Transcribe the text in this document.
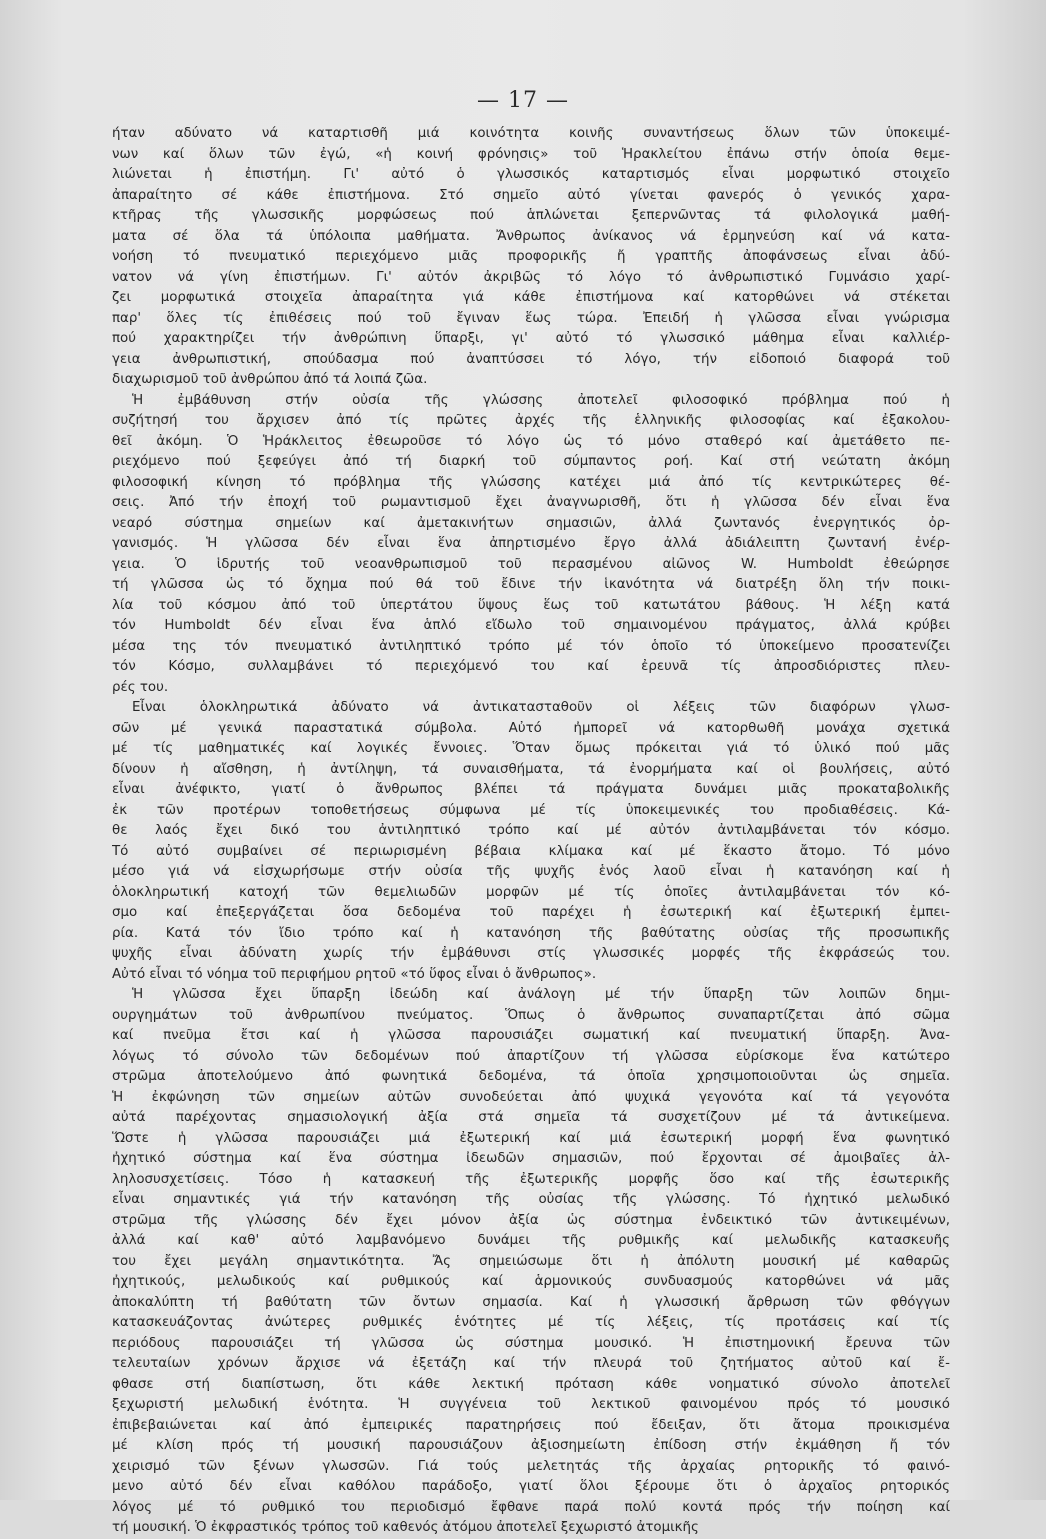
— 17 —
ήταν αδύνατο νά καταρτισθῆ μιά κοινότητα κοινῆς συναντήσεως ὅλων τῶν ὑποκειμέ-
νων καί ὅλων τῶν ἐγώ, «ἡ κοινή φρόνησις» τοῦ Ἡρακλείτου ἐπάνω στήν ὁποία θεμε-
λιώνεται ἡ ἐπιστήμη. Γι' αὐτό ὁ γλωσσικός καταρτισμός εἶναι μορφωτικό στοιχεῖο
ἀπαραίτητο σέ κάθε ἐπιστήμονα. Στό σημεῖο αὐτό γίνεται φανερός ὁ γενικός χαρα-
κτῆρας τῆς γλωσσικῆς μορφώσεως πού ἁπλώνεται ξεπερνῶντας τά φιλολογικά μαθή-
ματα σέ ὅλα τά ὑπόλοιπα μαθήματα. Ἄνθρωπος ἀνίκανος νά ἑρμηνεύση καί νά κατα-
νοήση τό πνευματικό περιεχόμενο μιᾶς προφορικῆς ἤ γραπτῆς ἀποφάνσεως εἶναι ἀδύ-
νατον νά γίνη ἐπιστήμων. Γι' αὐτόν ἀκριβῶς τό λόγο τό ἀνθρωπιστικό Γυμνάσιο χαρί-
ζει μορφωτικά στοιχεῖα ἀπαραίτητα γιά κάθε ἐπιστήμονα καί κατορθώνει νά στέκεται
παρ' ὅλες τίς ἐπιθέσεις πού τοῦ ἔγιναν ἕως τώρα. Ἐπειδή ἡ γλῶσσα εἶναι γνώρισμα
πού χαρακτηρίζει τήν ἀνθρώπινη ὕπαρξι, γι' αὐτό τό γλωσσικό μάθημα εἶναι καλλιέρ-
γεια ἀνθρωπιστική, σπούδασμα πού ἀναπτύσσει τό λόγο, τήν εἰδοποιό διαφορά τοῦ
διαχωρισμοῦ τοῦ ἀνθρώπου ἀπό τά λοιπά ζῶα.
Ἡ ἐμβάθυνση στήν οὐσία τῆς γλώσσης ἀποτελεῖ φιλοσοφικό πρόβλημα πού ἡ
συζήτησή του ἄρχισεν ἀπό τίς πρῶτες ἀρχές τῆς ἑλληνικῆς φιλοσοφίας καί ἐξακολου-
θεῖ ἀκόμη. Ὁ Ἡράκλειτος ἐθεωροῦσε τό λόγο ὡς τό μόνο σταθερό καί ἀμετάθετο πε-
ριεχόμενο πού ξεφεύγει ἀπό τή διαρκή τοῦ σύμπαντος ροή. Καί στή νεώτατη ἀκόμη
φιλοσοφική κίνηση τό πρόβλημα τῆς γλώσσης κατέχει μιά ἀπό τίς κεντρικώτερες θέ-
σεις. Ἀπό τήν ἐποχή τοῦ ρωμαντισμοῦ ἔχει ἀναγνωρισθῆ, ὅτι ἡ γλῶσσα δέν εἶναι ἕνα
νεαρό σύστημα σημείων καί ἀμετακινήτων σημασιῶν, ἀλλά ζωντανός ἐνεργητικός ὀρ-
γανισμός. Ἡ γλῶσσα δέν εἶναι ἕνα ἀπηρτισμένο ἔργο ἀλλά ἀδιάλειπτη ζωντανή ἐνέρ-
γεια. Ὁ ἱδρυτής τοῦ νεοανθρωπισμοῦ τοῦ περασμένου αἰῶνος W. Humboldt ἐθεώρησε
τή γλῶσσα ὡς τό ὄχημα πού θά τοῦ ἔδινε τήν ἱκανότητα νά διατρέξη ὅλη τήν ποικι-
λία τοῦ κόσμου ἀπό τοῦ ὑπερτάτου ὕψους ἕως τοῦ κατωτάτου βάθους. Ἡ λέξη κατά
τόν Humboldt δέν εἶναι ἕνα ἁπλό εἴδωλο τοῦ σημαινομένου πράγματος, ἀλλά κρύβει
μέσα της τόν πνευματικό ἀντιληπτικό τρόπο μέ τόν ὁποῖο τό ὑποκείμενο προσατενίζει
τόν Κόσμο, συλλαμβάνει τό περιεχόμενό του καί ἐρευνᾶ τίς ἀπροσδιόριστες πλευ-
ρές του.
Εἶναι ὁλοκληρωτικά ἀδύνατο νά ἀντικατασταθοῦν οἱ λέξεις τῶν διαφόρων γλωσ-
σῶν μέ γενικά παραστατικά σύμβολα. Αὐτό ἠμπορεῖ νά κατορθωθῆ μονάχα σχετικά
μέ τίς μαθηματικές καί λογικές ἔννοιες. Ὅταν ὅμως πρόκειται γιά τό ὑλικό πού μᾶς
δίνουν ἡ αἴσθηση, ἡ ἀντίληψη, τά συναισθήματα, τά ἐνορμήματα καί οἱ βουλήσεις, αὐτό
εἶναι ἀνέφικτο, γιατί ὁ ἄνθρωπος βλέπει τά πράγματα δυνάμει μιᾶς προκαταβολικῆς
ἐκ τῶν προτέρων τοποθετήσεως σύμφωνα μέ τίς ὑποκειμενικές του προδιαθέσεις. Κά-
θε λαός ἔχει δικό του ἀντιληπτικό τρόπο καί μέ αὐτόν ἀντιλαμβάνεται τόν κόσμο.
Τό αὐτό συμβαίνει σέ περιωρισμένη βέβαια κλίμακα καί μέ ἕκαστο ἄτομο. Τό μόνο
μέσο γιά νά εἰσχωρήσωμε στήν οὐσία τῆς ψυχῆς ἑνός λαοῦ εἶναι ἡ κατανόηση καί ἡ
ὁλοκληρωτική κατοχή τῶν θεμελιωδῶν μορφῶν μέ τίς ὁποῖες ἀντιλαμβάνεται τόν κό-
σμο καί ἐπεξεργάζεται ὅσα δεδομένα τοῦ παρέχει ἡ ἐσωτερική καί ἐξωτερική ἐμπει-
ρία. Κατά τόν ἴδιο τρόπο καί ἡ κατανόηση τῆς βαθύτατης οὐσίας τῆς προσωπικῆς
ψυχῆς εἶναι ἀδύνατη χωρίς τήν ἐμβάθυνσι στίς γλωσσικές μορφές τῆς ἐκφράσεώς του.
Αὐτό εἶναι τό νόημα τοῦ περιφήμου ρητοῦ «τό ὕφος εἶναι ὁ ἄνθρωπος».
Ἡ γλῶσσα ἔχει ὕπαρξη ἰδεώδη καί ἀνάλογη μέ τήν ὕπαρξη τῶν λοιπῶν δημι-
ουργημάτων τοῦ ἀνθρωπίνου πνεύματος. Ὅπως ὁ ἄνθρωπος συναπαρτίζεται ἀπό σῶμα
καί πνεῦμα ἔτσι καί ἡ γλῶσσα παρουσιάζει σωματική καί πνευματική ὕπαρξη. Ἀνα-
λόγως τό σύνολο τῶν δεδομένων πού ἀπαρτίζουν τή γλῶσσα εὑρίσκομε ἕνα κατώτερο
στρῶμα ἀποτελούμενο ἀπό φωνητικά δεδομένα, τά ὁποῖα χρησιμοποιοῦνται ὡς σημεῖα.
Ἡ ἐκφώνηση τῶν σημείων αὐτῶν συνοδεύεται ἀπό ψυχικά γεγονότα καί τά γεγονότα
αὐτά παρέχοντας σημασιολογική ἀξία στά σημεῖα τά συσχετίζουν μέ τά ἀντικείμενα.
Ὥστε ἡ γλῶσσα παρουσιάζει μιά ἐξωτερική καί μιά ἐσωτερική μορφή ἕνα φωνητικό
ἠχητικό σύστημα καί ἕνα σύστημα ἰδεωδῶν σημασιῶν, πού ἔρχονται σέ ἀμοιβαῖες ἀλ-
ληλοσυσχετίσεις. Τόσο ἡ κατασκευή τῆς ἐξωτερικῆς μορφῆς ὅσο καί τῆς ἐσωτερικῆς
εἶναι σημαντικές γιά τήν κατανόηση τῆς οὐσίας τῆς γλώσσης. Τό ἠχητικό μελωδικό
στρῶμα τῆς γλώσσης δέν ἔχει μόνον ἀξία ὡς σύστημα ἐνδεικτικό τῶν ἀντικειμένων,
ἀλλά καί καθ' αὐτό λαμβανόμενο δυνάμει τῆς ρυθμικῆς καί μελωδικῆς κατασκευῆς
του ἔχει μεγάλη σημαντικότητα. Ἄς σημειώσωμε ὅτι ἡ ἀπόλυτη μουσική μέ καθαρῶς
ἠχητικούς, μελωδικούς καί ρυθμικούς καί ἁρμονικούς συνδυασμούς κατορθώνει νά μᾶς
ἀποκαλύπτη τή βαθύτατη τῶν ὄντων σημασία. Καί ἡ γλωσσική ἄρθρωση τῶν φθόγγων
κατασκευάζοντας ἀνώτερες ρυθμικές ἑνότητες μέ τίς λέξεις, τίς προτάσεις καί τίς
περιόδους παρουσιάζει τή γλῶσσα ὡς σύστημα μουσικό. Ἡ ἐπιστημονική ἔρευνα τῶν
τελευταίων χρόνων ἄρχισε νά ἐξετάζη καί τήν πλευρά τοῦ ζητήματος αὐτοῦ καί ἔ-
φθασε στή διαπίστωση, ὅτι κάθε λεκτική πρόταση κάθε νοηματικό σύνολο ἀποτελεῖ
ξεχωριστή μελωδική ἑνότητα. Ἡ συγγένεια τοῦ λεκτικοῦ φαινομένου πρός τό μουσικό
ἐπιβεβαιώνεται καί ἀπό ἐμπειρικές παρατηρήσεις πού ἔδειξαν, ὅτι ἄτομα προικισμένα
μέ κλίση πρός τή μουσική παρουσιάζουν ἀξιοσημείωτη ἐπίδοση στήν ἐκμάθηση ἤ τόν
χειρισμό τῶν ξένων γλωσσῶν. Γιά τούς μελετητάς τῆς ἀρχαίας ρητορικῆς τό φαινό-
μενο αὐτό δέν εἶναι καθόλου παράδοξο, γιατί ὅλοι ξέρουμε ὅτι ὁ ἀρχαῖος ρητορικός
λόγος μέ τό ρυθμικό του περιοδισμό ἔφθανε παρά πολύ κοντά πρός τήν ποίηση καί
τή μουσική. Ὁ ἐκφραστικός τρόπος τοῦ καθενός ἀτόμου ἀποτελεῖ ξεχωριστό ἀτομικῆς
